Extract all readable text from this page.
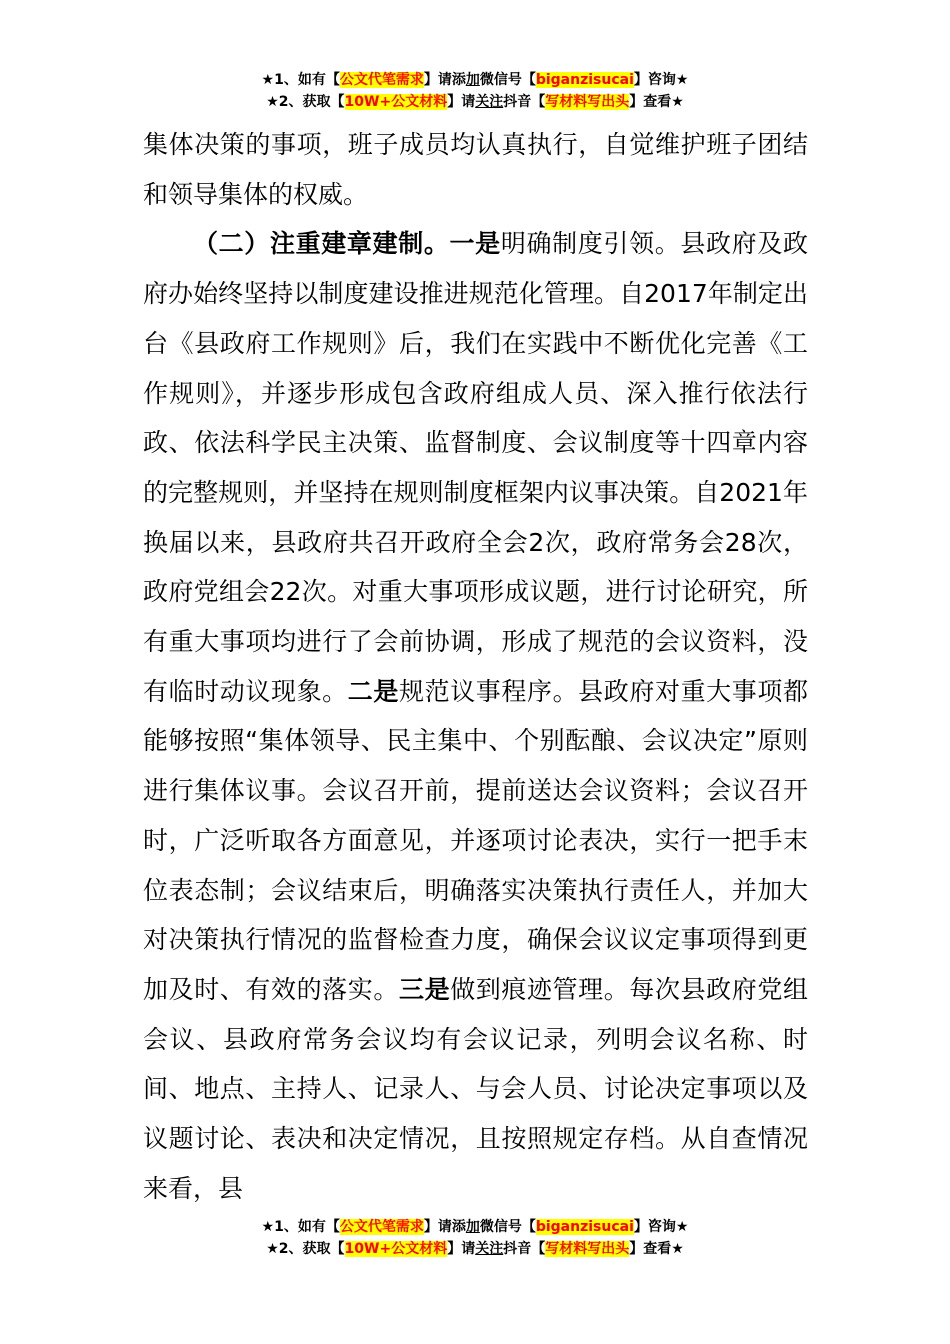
★1、如有【公文代笔需求】请添加微信号【biganzisucai】咨询★
★2、获取【10W+公文材料】请关注抖音【写材料写出头】查看★

集体决策的事项，班子成员均认真执行，自觉维护班子团结和领导集体的权威。

（二）注重建章建制。一是明确制度引领。县政府及政府办始终坚持以制度建设推进规范化管理。自2017年制定出台《县政府工作规则》后，我们在实践中不断优化完善《工作规则》，并逐步形成包含政府组成人员、深入推行依法行政、依法科学民主决策、监督制度、会议制度等十四章内容的完整规则，并坚持在规则制度框架内议事决策。自2021年换届以来，县政府共召开政府全会2次，政府常务会28次，政府党组会22次。对重大事项形成议题，进行讨论研究，所有重大事项均进行了会前协调，形成了规范的会议资料，没有临时动议现象。二是规范议事程序。县政府对重大事项都能够按照“集体领导、民主集中、个别酝酿、会议决定”原则进行集体议事。会议召开前，提前送达会议资料；会议召开时，广泛听取各方面意见，并逐项讨论表决，实行一把手末位表态制；会议结束后，明确落实决策执行责任人，并加大对决策执行情况的监督检查力度，确保会议议定事项得到更加及时、有效的落实。三是做到痕迹管理。每次县政府党组会议、县政府常务会议均有会议记录，列明会议名称、时间、地点、主持人、记录人、与会人员、讨论决定事项以及议题讨论、表决和决定情况，且按照规定存档。从自查情况来看，县

★1、如有【公文代笔需求】请添加微信号【biganzisucai】咨询★
★2、获取【10W+公文材料】请关注抖音【写材料写出头】查看★
